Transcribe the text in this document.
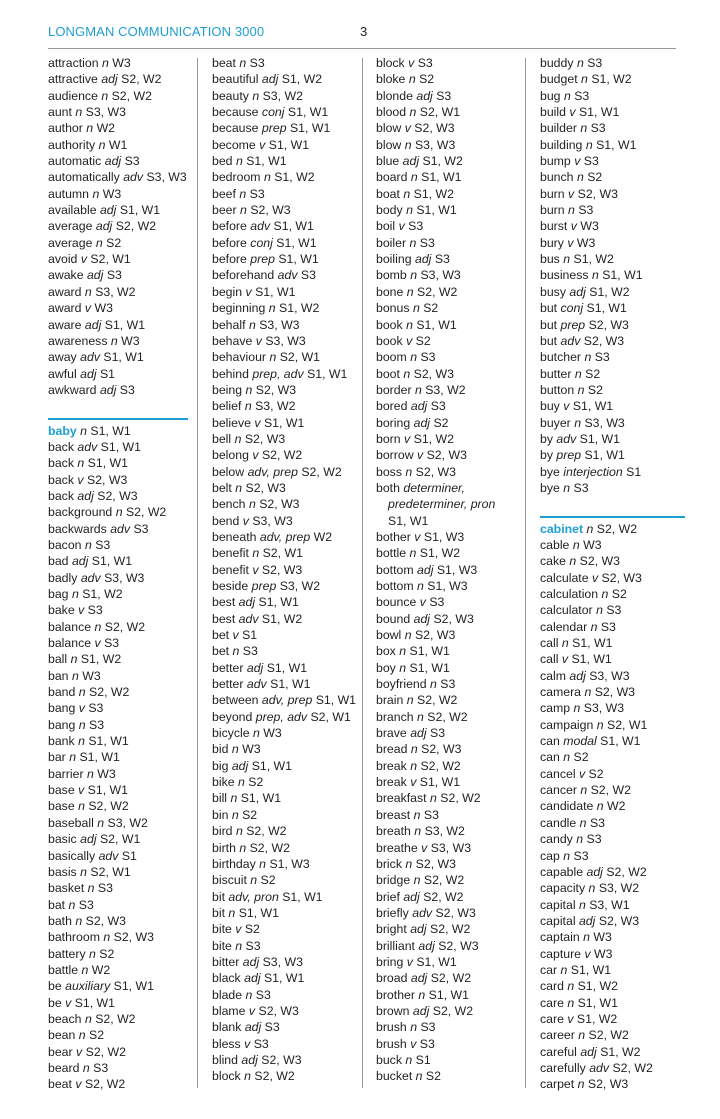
LONGMAN COMMUNICATION 3000	3
attraction n W3
attractive adj S2, W2
audience n S2, W2
aunt n S3, W3
author n W2
authority n W1
automatic adj S3
automatically adv S3, W3
autumn n W3
available adj S1, W1
average adj S2, W2
average n S2
avoid v S2, W1
awake adj S3
award n S3, W2
award v W3
aware adj S1, W1
awareness n W3
away adv S1, W1
awful adj S1
awkward adj S3
baby n S1, W1
back adv S1, W1
back n S1, W1
back v S2, W3
back adj S2, W3
background n S2, W2
backwards adv S3
bacon n S3
bad adj S1, W1
badly adv S3, W3
bag n S1, W2
bake v S3
balance n S2, W2
balance v S3
ball n S1, W2
ban n W3
band n S2, W2
bang v S3
bang n S3
bank n S1, W1
bar n S1, W1
barrier n W3
base v S1, W1
base n S2, W2
baseball n S3, W2
basic adj S2, W1
basically adv S1
basis n S2, W1
basket n S3
bat n S3
bath n S2, W3
bathroom n S2, W3
battery n S2
battle n W2
be auxiliary S1, W1
be v S1, W1
beach n S2, W2
bean n S2
bear v S2, W2
beard n S3
beat v S2, W2
beat n S3
beautiful adj S1, W2
beauty n S3, W2
because conj S1, W1
because prep S1, W1
become v S1, W1
bed n S1, W1
bedroom n S1, W2
beef n S3
beer n S2, W3
before adv S1, W1
before conj S1, W1
before prep S1, W1
beforehand adv S3
begin v S1, W1
beginning n S1, W2
behalf n S3, W3
behave v S3, W3
behaviour n S2, W1
behind prep, adv S1, W1
being n S2, W3
belief n S3, W2
believe v S1, W1
bell n S2, W3
belong v S2, W2
below adv, prep S2, W2
belt n S2, W3
bench n S2, W3
bend v S3, W3
beneath adv, prep W2
benefit n S2, W1
benefit v S2, W3
beside prep S3, W2
best adj S1, W1
best adv S1, W2
bet v S1
bet n S3
better adj S1, W1
better adv S1, W1
between adv, prep S1, W1
beyond prep, adv S2, W1
bicycle n W3
bid n W3
big adj S1, W1
bike n S2
bill n S1, W1
bin n S2
bird n S2, W2
birth n S2, W2
birthday n S1, W3
biscuit n S2
bit adv, pron S1, W1
bit n S1, W1
bite v S2
bite n S3
bitter adj S3, W3
black adj S1, W1
blade n S3
blame v S2, W3
blank adj S3
bless v S3
blind adj S2, W3
block n S2, W2
block v S3
bloke n S2
blonde adj S3
blood n S2, W1
blow v S2, W3
blow n S3, W3
blue adj S1, W2
board n S1, W1
boat n S1, W2
body n S1, W1
boil v S3
boiler n S3
boiling adj S3
bomb n S3, W3
bone n S2, W2
bonus n S2
book n S1, W1
book v S2
boom n S3
boot n S2, W3
border n S3, W2
bored adj S3
boring adj S2
born v S1, W2
borrow v S2, W3
boss n S2, W3
both determiner, predeterminer, pron S1, W1
bother v S1, W3
bottle n S1, W2
bottom adj S1, W3
bottom n S1, W3
bounce v S3
bound adj S2, W3
bowl n S2, W3
box n S1, W1
boy n S1, W1
boyfriend n S3
brain n S2, W2
branch n S2, W2
brave adj S3
bread n S2, W3
break n S2, W2
break v S1, W1
breakfast n S2, W2
breast n S3
breath n S3, W2
breathe v S3, W3
brick n S2, W3
bridge n S2, W2
brief adj S2, W2
briefly adv S2, W3
bright adj S2, W2
brilliant adj S2, W3
bring v S1, W1
broad adj S2, W2
brother n S1, W1
brown adj S2, W2
brush n S3
brush v S3
buck n S1
bucket n S2
buddy n S3
budget n S1, W2
bug n S3
build v S1, W1
builder n S3
building n S1, W1
bump v S3
bunch n S2
burn v S2, W3
burn n S3
burst v W3
bury v W3
bus n S1, W2
business n S1, W1
busy adj S1, W2
but conj S1, W1
but prep S2, W3
but adv S2, W3
butcher n S3
butter n S2
button n S2
buy v S1, W1
buyer n S3, W3
by adv S1, W1
by prep S1, W1
bye interjection S1
bye n S3
cabinet n S2, W2
cable n W3
cake n S2, W3
calculate v S2, W3
calculation n S2
calculator n S3
calendar n S3
call n S1, W1
call v S1, W1
calm adj S3, W3
camera n S2, W3
camp n S3, W3
campaign n S2, W1
can modal S1, W1
can n S2
cancel v S2
cancer n S2, W2
candidate n W2
candle n S3
candy n S3
cap n S3
capable adj S2, W2
capacity n S3, W2
capital n S3, W1
capital adj S2, W3
captain n W3
capture v W3
car n S1, W1
card n S1, W2
care n S1, W1
care v S1, W2
career n S2, W2
careful adj S1, W2
carefully adv S2, W2
carpet n S2, W3
